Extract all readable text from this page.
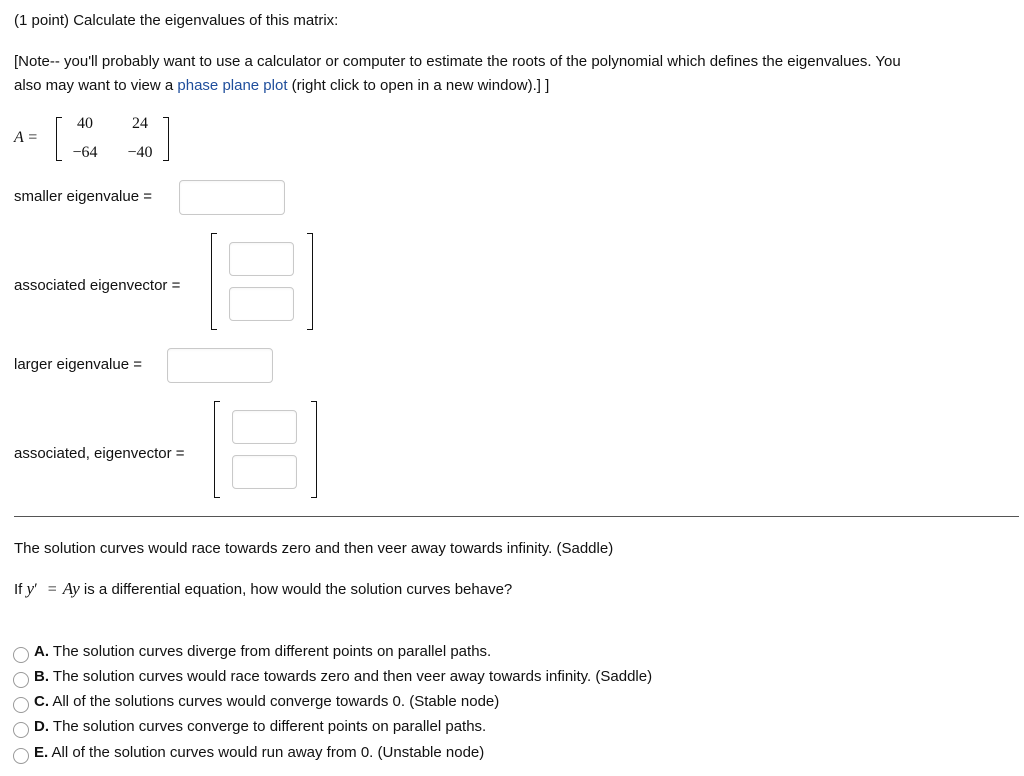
(1 point) Calculate the eigenvalues of this matrix:
[Note-- you'll probably want to use a calculator or computer to estimate the roots of the polynomial which defines the eigenvalues. You
also may want to view a phase plane plot (right click to open in a new window).] ]
A =
40	24
−64	−40
smaller eigenvalue =
associated eigenvector =
larger eigenvalue =
associated, eigenvector =
The solution curves would race towards zero and then veer away towards infinity. (Saddle)
If y′ = Ay is a differential equation, how would the solution curves behave?
A. The solution curves diverge from different points on parallel paths.
B. The solution curves would race towards zero and then veer away towards infinity. (Saddle)
C. All of the solutions curves would converge towards 0. (Stable node)
D. The solution curves converge to different points on parallel paths.
E. All of the solution curves would run away from 0. (Unstable node)
